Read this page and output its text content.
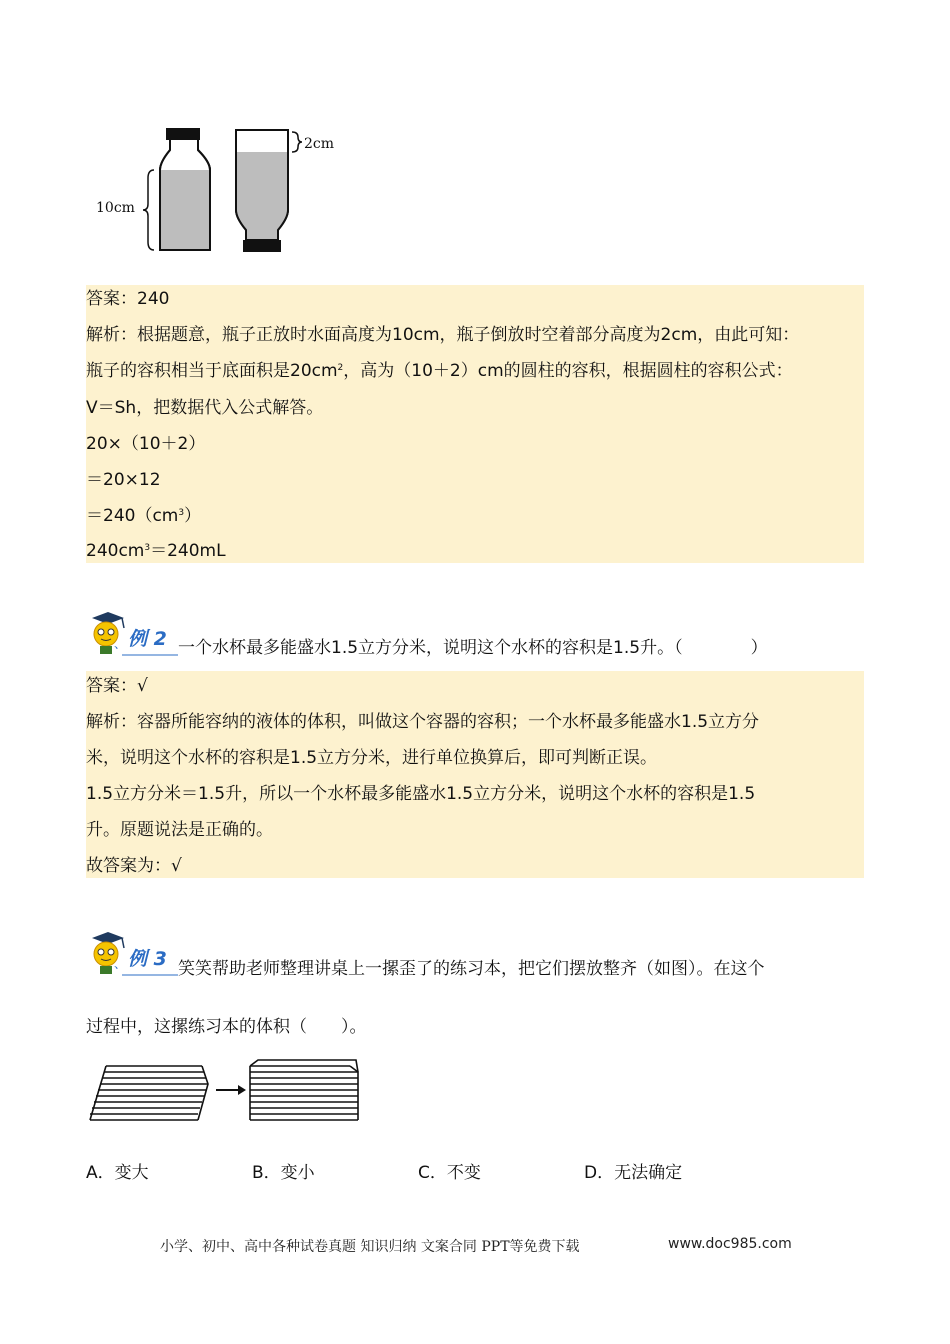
10cm
2cm
答案：240
解析：根据题意，瓶子正放时水面高度为10cm，瓶子倒放时空着部分高度为2cm，由此可知：
瓶子的容积相当于底面积是$20cm^2$，高为（10＋2）cm的圆柱的容积，根据圆柱的容积公式：
V＝Sh，把数据代入公式解答。
20×（10＋2）
＝20×12
$=240(cm^3)$
$240cm^3=240mL$
、 例 2 一个水杯最多能盛水1.5立方分米，说明这个水杯的容积是1.5升。（　　　　）
答案：√
解析：容器所能容纳的液体的体积，叫做这个容器的容积；一个水杯最多能盛水1.5立方分
米，说明这个水杯的容积是1.5立方分米，进行单位换算后，即可判断正误。
1.5立方分米＝1.5升，所以一个水杯最多能盛水1.5立方分米，说明这个水杯的容积是1.5
升。原题说法是正确的。
故答案为：√
、 例 3 笑笑帮助老师整理讲桌上一摞歪了的练习本，把它们摆放整齐（如图）。在这个
过程中，这摞练习本的体积（　　）。
A．变大	B．变小	C．不变	D．无法确定
小学、初中、高中各种试卷真题 知识归纳 文案合同 PPT等免费下载	www.doc985.com
